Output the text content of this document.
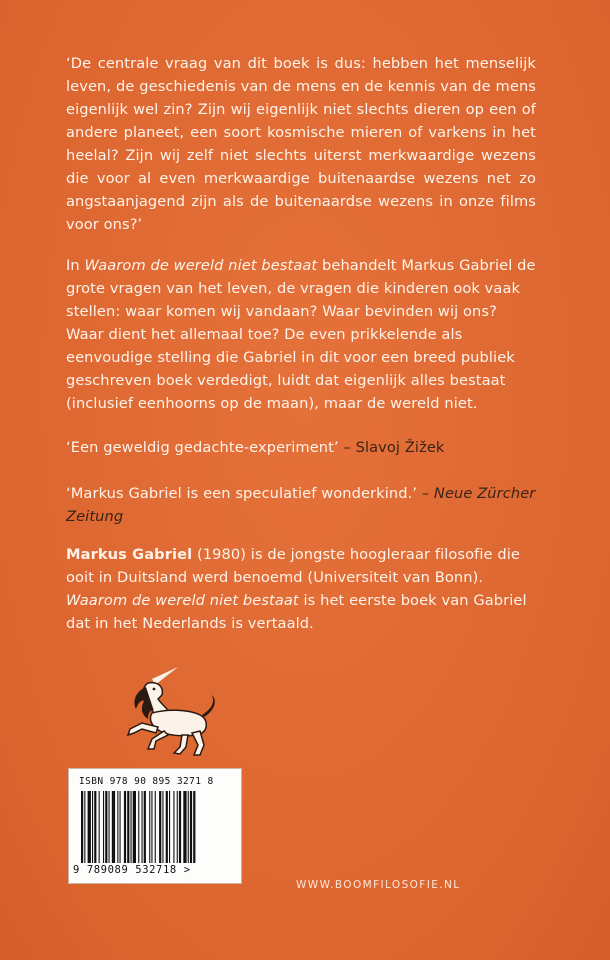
‘De centrale vraag van dit boek is dus: hebben het menselijk leven, de geschiedenis van de mens en de kennis van de mens eigenlijk wel zin? Zijn wij eigenlijk niet slechts dieren op een of andere planeet, een soort kosmische mieren of varkens in het heelal? Zijn wij zelf niet slechts uiterst merkwaardige wezens die voor al even merkwaardige buitenaardse wezens net zo angstaanjagend zijn als de buitenaardse wezens in onze films voor ons?’
In Waarom de wereld niet bestaat behandelt Markus Gabriel de grote vragen van het leven, de vragen die kinderen ook vaak stellen: waar komen wij vandaan? Waar bevinden wij ons? Waar dient het allemaal toe? De even prikkelende als eenvoudige stelling die Gabriel in dit voor een breed publiek geschreven boek verdedigt, luidt dat eigenlijk alles bestaat (inclusief eenhoorns op de maan), maar de wereld niet.
‘Een geweldig gedachte-experiment’ – Slavoj Žižek
‘Markus Gabriel is een speculatief wonderkind.’ – Neue Zürcher Zeitung
Markus Gabriel (1980) is de jongste hoogleraar filosofie die ooit in Duitsland werd benoemd (Universiteit van Bonn). Waarom de wereld niet bestaat is het eerste boek van Gabriel dat in het Nederlands is vertaald.
ISBN 978 90 895 3271 8
9 789089 532718 >
WWW.BOOMFILOSOFIE.NL
